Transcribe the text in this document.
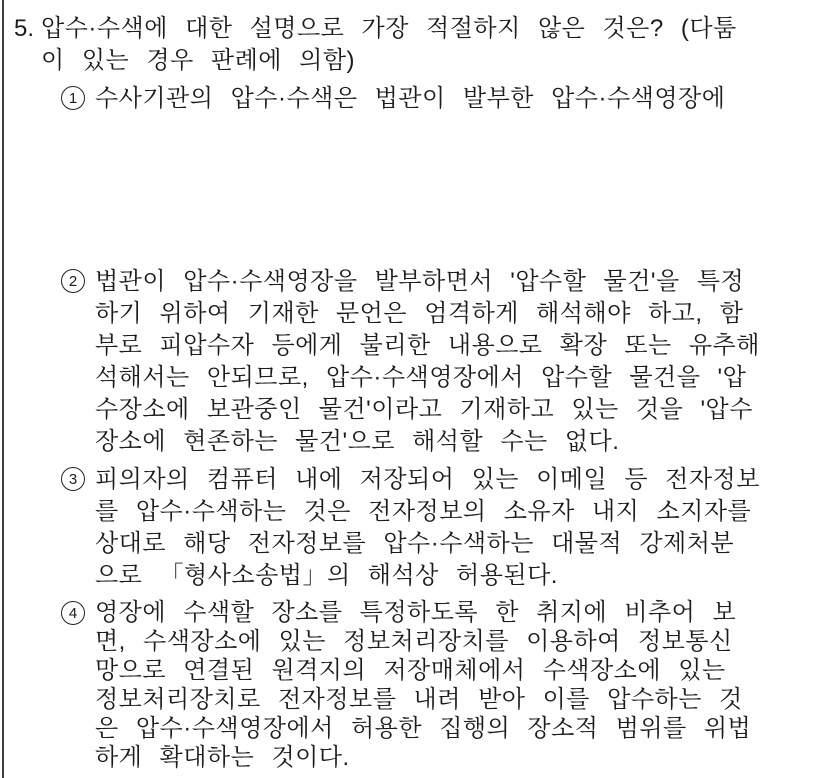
5. 압수·수색에 대한 설명으로 가장 적절하지 않은 것은? (다툼
이 있는 경우 판례에 의함)
1 수사기관의 압수·수색은 법관이 발부한 압수·수색영장에
2 법관이 압수·수색영장을 발부하면서 '압수할 물건'을 특정
하기 위하여 기재한 문언은 엄격하게 해석해야 하고, 함
부로 피압수자 등에게 불리한 내용으로 확장 또는 유추해
석해서는 안되므로, 압수·수색영장에서 압수할 물건을 '압
수장소에 보관중인 물건'이라고 기재하고 있는 것을 '압수
장소에 현존하는 물건'으로 해석할 수는 없다.
3 피의자의 컴퓨터 내에 저장되어 있는 이메일 등 전자정보
를 압수·수색하는 것은 전자정보의 소유자 내지 소지자를
상대로 해당 전자정보를 압수·수색하는 대물적 강제처분
으로 「형사소송법」의 해석상 허용된다.
4 영장에 수색할 장소를 특정하도록 한 취지에 비추어 보
면, 수색장소에 있는 정보처리장치를 이용하여 정보통신
망으로 연결된 원격지의 저장매체에서 수색장소에 있는
정보처리장치로 전자정보를 내려 받아 이를 압수하는 것
은 압수·수색영장에서 허용한 집행의 장소적 범위를 위법
하게 확대하는 것이다.
